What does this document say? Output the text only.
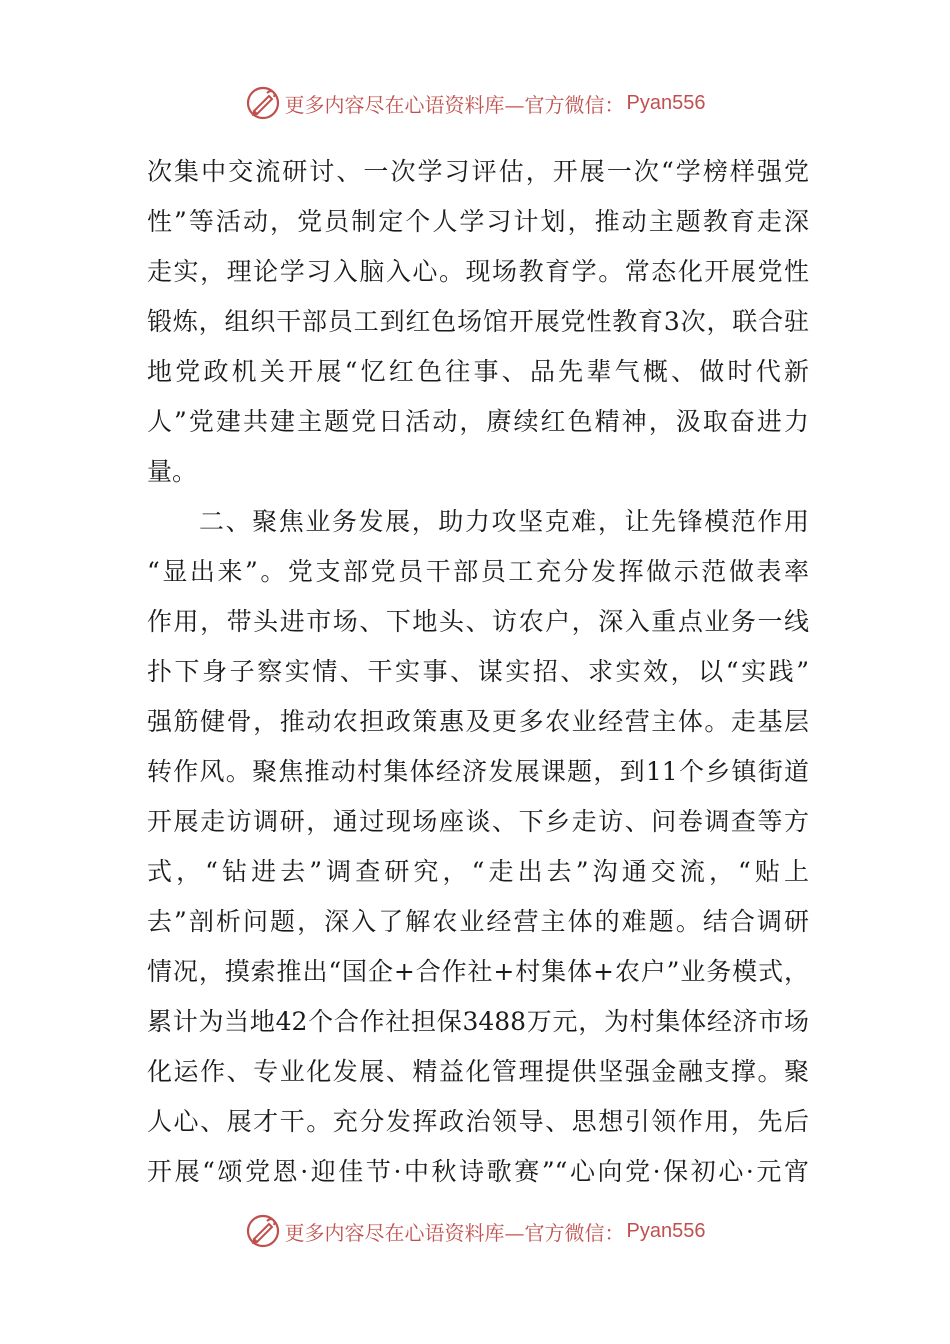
更多内容尽在心语资料库—官方微信： Pyan556
次集中交流研讨、一次学习评估，开展一次“学榜样强党
性”等活动，党员制定个人学习计划，推动主题教育走深
走实，理论学习入脑入心。现场教育学。常态化开展党性
锻炼，组织干部员工到红色场馆开展党性教育3次，联合驻
地党政机关开展“忆红色往事、品先辈气概、做时代新
人”党建共建主题党日活动，赓续红色精神，汲取奋进力
量。
二、聚焦业务发展，助力攻坚克难，让先锋模范作用
“显出来”。党支部党员干部员工充分发挥做示范做表率
作用，带头进市场、下地头、访农户，深入重点业务一线
扑下身子察实情、干实事、谋实招、求实效，以“实践”
强筋健骨，推动农担政策惠及更多农业经营主体。走基层
转作风。聚焦推动村集体经济发展课题，到11个乡镇街道
开展走访调研，通过现场座谈、下乡走访、问卷调查等方
式，“钻进去”调查研究，“走出去”沟通交流，“贴上
去”剖析问题，深入了解农业经营主体的难题。结合调研
情况，摸索推出“国企+合作社+村集体+农户”业务模式，
累计为当地42个合作社担保3488万元，为村集体经济市场
化运作、专业化发展、精益化管理提供坚强金融支撑。聚
人心、展才干。充分发挥政治领导、思想引领作用，先后
开展“颂党恩·迎佳节·中秋诗歌赛”“心向党·保初心·元宵
更多内容尽在心语资料库—官方微信： Pyan556
